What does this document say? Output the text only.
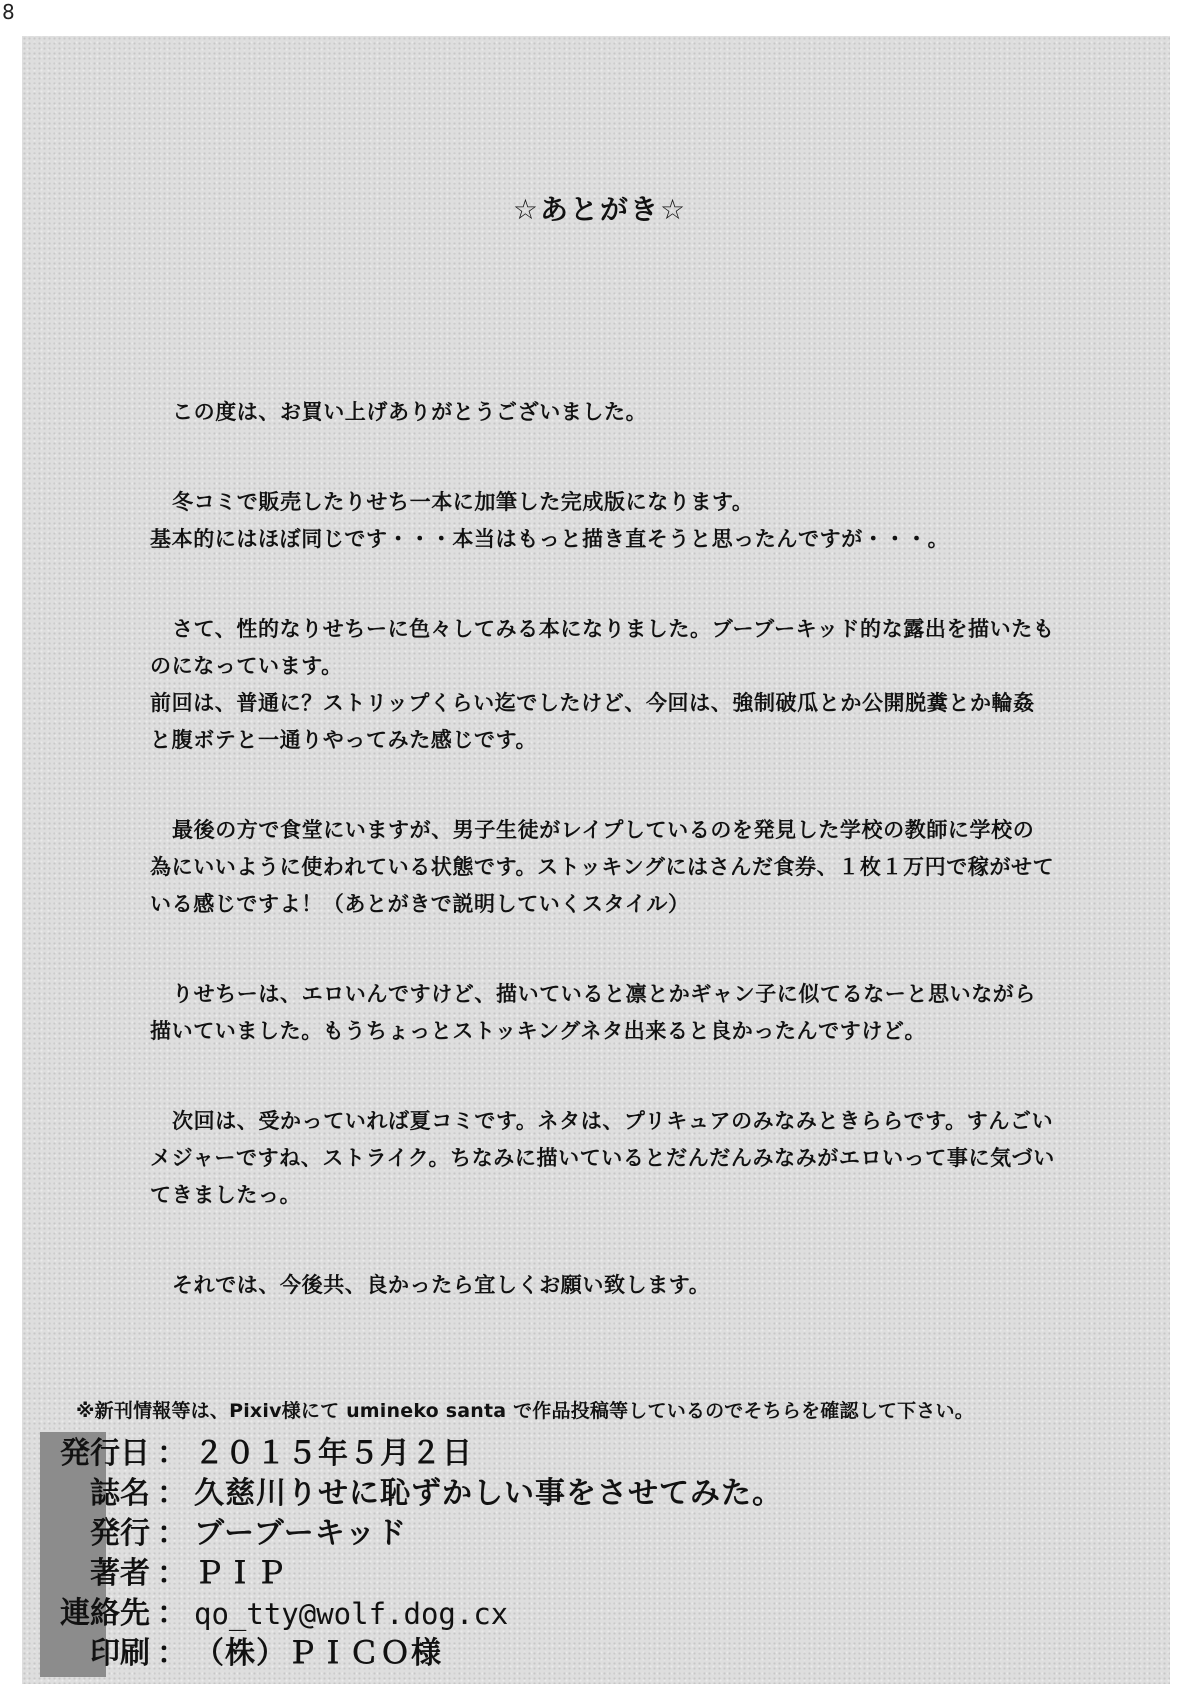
8
☆あとがき☆

この度は、お買い上げありがとうございました。

冬コミで販売したりせち一本に加筆した完成版になります。
基本的にはほぼ同じです・・・本当はもっと描き直そうと思ったんですが・・・。

さて、性的なりせちーに色々してみる本になりました。ブーブーキッド的な露出を描いたものになっています。
前回は、普通に？ストリップくらい迄でしたけど、今回は、強制破瓜とか公開脱糞とか輪姦と腹ボテと一通りやってみた感じです。

最後の方で食堂にいますが、男子生徒がレイプしているのを発見した学校の教師に学校の為にいいように使われている状態です。ストッキングにはさんだ食券、１枚１万円で稼がせている感じですよ！（あとがきで説明していくスタイル）

りせちーは、エロいんですけど、描いていると凛とかギャン子に似てるなーと思いながら描いていました。もうちょっとストッキングネタ出来ると良かったんですけど。

次回は、受かっていれば夏コミです。ネタは、プリキュアのみなみときららです。すんごいメジャーですね、ストライク。ちなみに描いているとだんだんみなみがエロいって事に気づいてきましたっ。

それでは、今後共、良かったら宜しくお願い致します。

※新刊情報等は、Pixiv様にて umineko santa で作品投稿等しているのでそちらを確認して下さい。
発行日 ： ２０１５年５月２日
誌名 ： 久慈川りせに恥ずかしい事をさせてみた。
発行 ： ブーブーキッド
著者 ： ＰＩＰ
連絡先 ： qo_tty@wolf.dog.cx
印刷 ： （株）ＰＩＣＯ様
